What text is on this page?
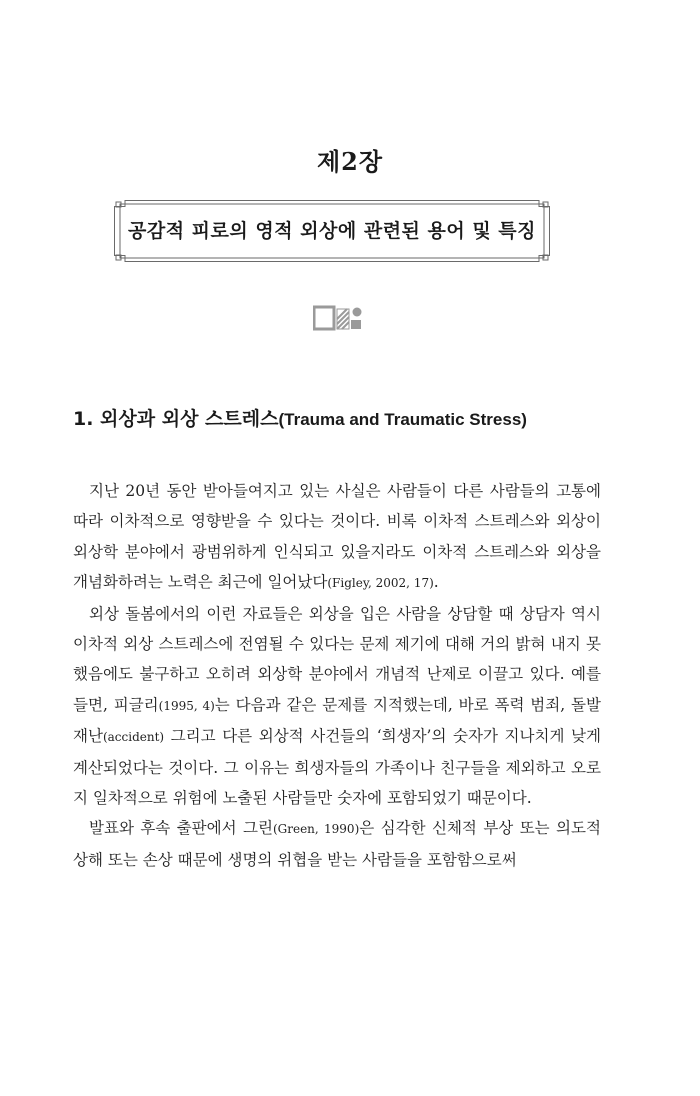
제2장
공감적 피로의 영적 외상에 관련된 용어 및 특징
1. 외상과 외상 스트레스(Trauma and Traumatic Stress)

지난 20년 동안 받아들여지고 있는 사실은 사람들이 다른 사람들의 고통에 따라 이차적으로 영향받을 수 있다는 것이다. 비록 이차적 스트레스와 외상이 외상학 분야에서 광범위하게 인식되고 있을지라도 이차적 스트레스와 외상을 개념화하려는 노력은 최근에 일어났다(Figley, 2002, 17).

외상 돌봄에서의 이런 자료들은 외상을 입은 사람을 상담할 때 상담자 역시 이차적 외상 스트레스에 전염될 수 있다는 문제 제기에 대해 거의 밝혀 내지 못했음에도 불구하고 오히려 외상학 분야에서 개념적 난제로 이끌고 있다. 예를 들면, 피글리(1995, 4)는 다음과 같은 문제를 지적했는데, 바로 폭력 범죄, 돌발 재난(accident) 그리고 다른 외상적 사건들의 ‘희생자’의 숫자가 지나치게 낮게 계산되었다는 것이다. 그 이유는 희생자들의 가족이나 친구들을 제외하고 오로지 일차적으로 위험에 노출된 사람들만 숫자에 포함되었기 때문이다.

발표와 후속 출판에서 그린(Green, 1990)은 심각한 신체적 부상 또는 의도적 상해 또는 손상 때문에 생명의 위협을 받는 사람들을 포함함으로써
